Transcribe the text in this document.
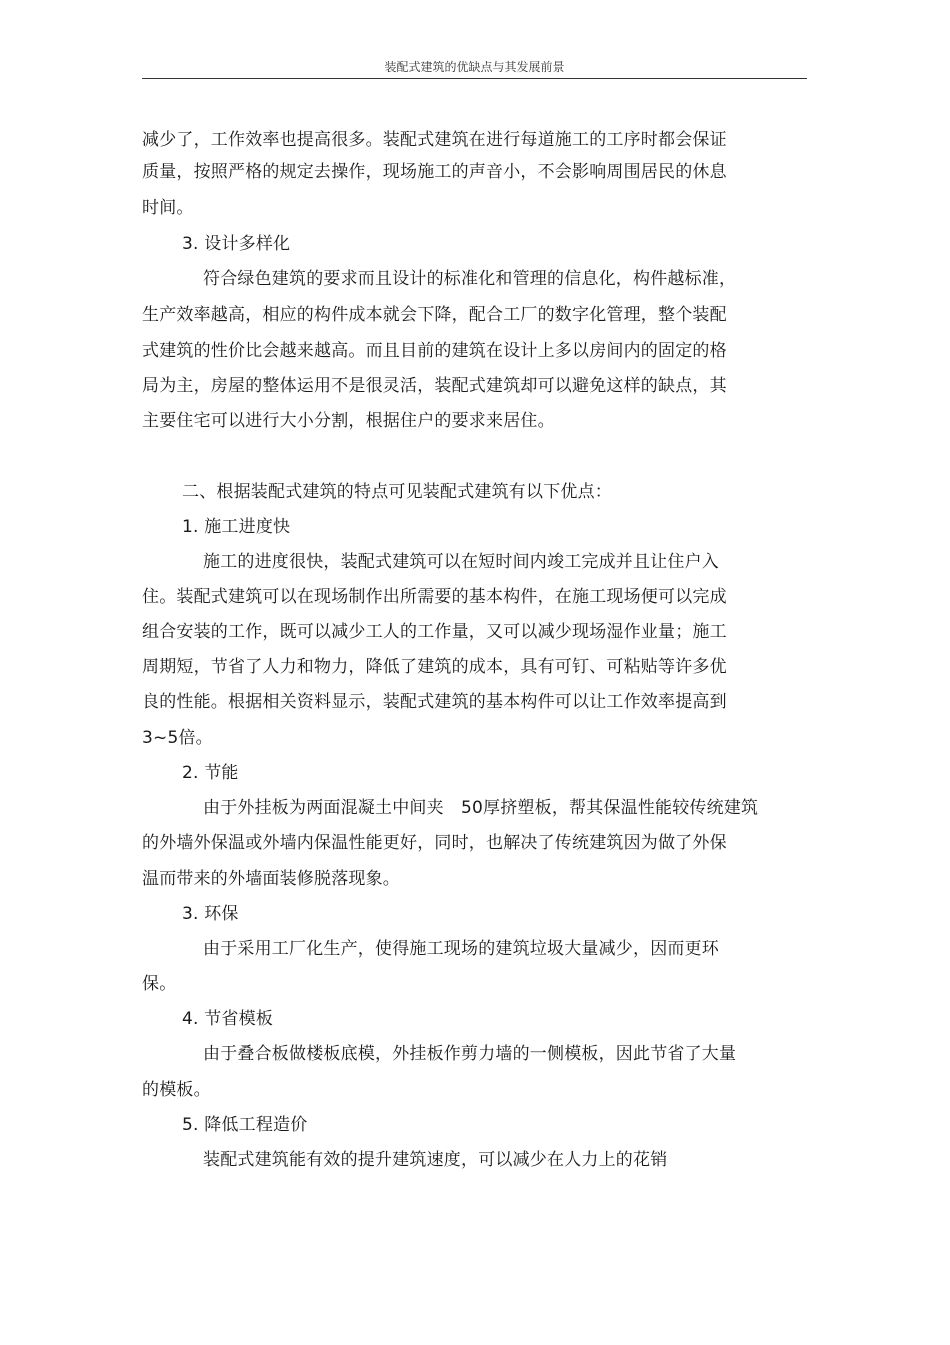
装配式建筑的优缺点与其发展前景
减少了，工作效率也提高很多。装配式建筑在进行每道施工的工序时都会保证
质量，按照严格的规定去操作，现场施工的声音小，不会影响周围居民的休息
时间。
3. 设计多样化
符合绿色建筑的要求而且设计的标准化和管理的信息化，构件越标准，
生产效率越高，相应的构件成本就会下降，配合工厂的数字化管理，整个装配
式建筑的性价比会越来越高。而且目前的建筑在设计上多以房间内的固定的格
局为主，房屋的整体运用不是很灵活，装配式建筑却可以避免这样的缺点，其
主要住宅可以进行大小分割，根据住户的要求来居住。
二、根据装配式建筑的特点可见装配式建筑有以下优点：
1. 施工进度快
施工的进度很快，装配式建筑可以在短时间内竣工完成并且让住户入
住。装配式建筑可以在现场制作出所需要的基本构件，在施工现场便可以完成
组合安装的工作，既可以减少工人的工作量，又可以减少现场湿作业量；施工
周期短，节省了人力和物力，降低了建筑的成本，具有可钉、可粘贴等许多优
良的性能。根据相关资料显示，装配式建筑的基本构件可以让工作效率提高到
3~5倍。
2. 节能
由于外挂板为两面混凝土中间夹　50厚挤塑板，帮其保温性能较传统建筑
的外墙外保温或外墙内保温性能更好，同时，也解决了传统建筑因为做了外保
温而带来的外墙面装修脱落现象。
3. 环保
由于采用工厂化生产，使得施工现场的建筑垃圾大量减少，因而更环
保。
4. 节省模板
由于叠合板做楼板底模，外挂板作剪力墙的一侧模板，因此节省了大量
的模板。
5. 降低工程造价
装配式建筑能有效的提升建筑速度，可以减少在人力上的花销
